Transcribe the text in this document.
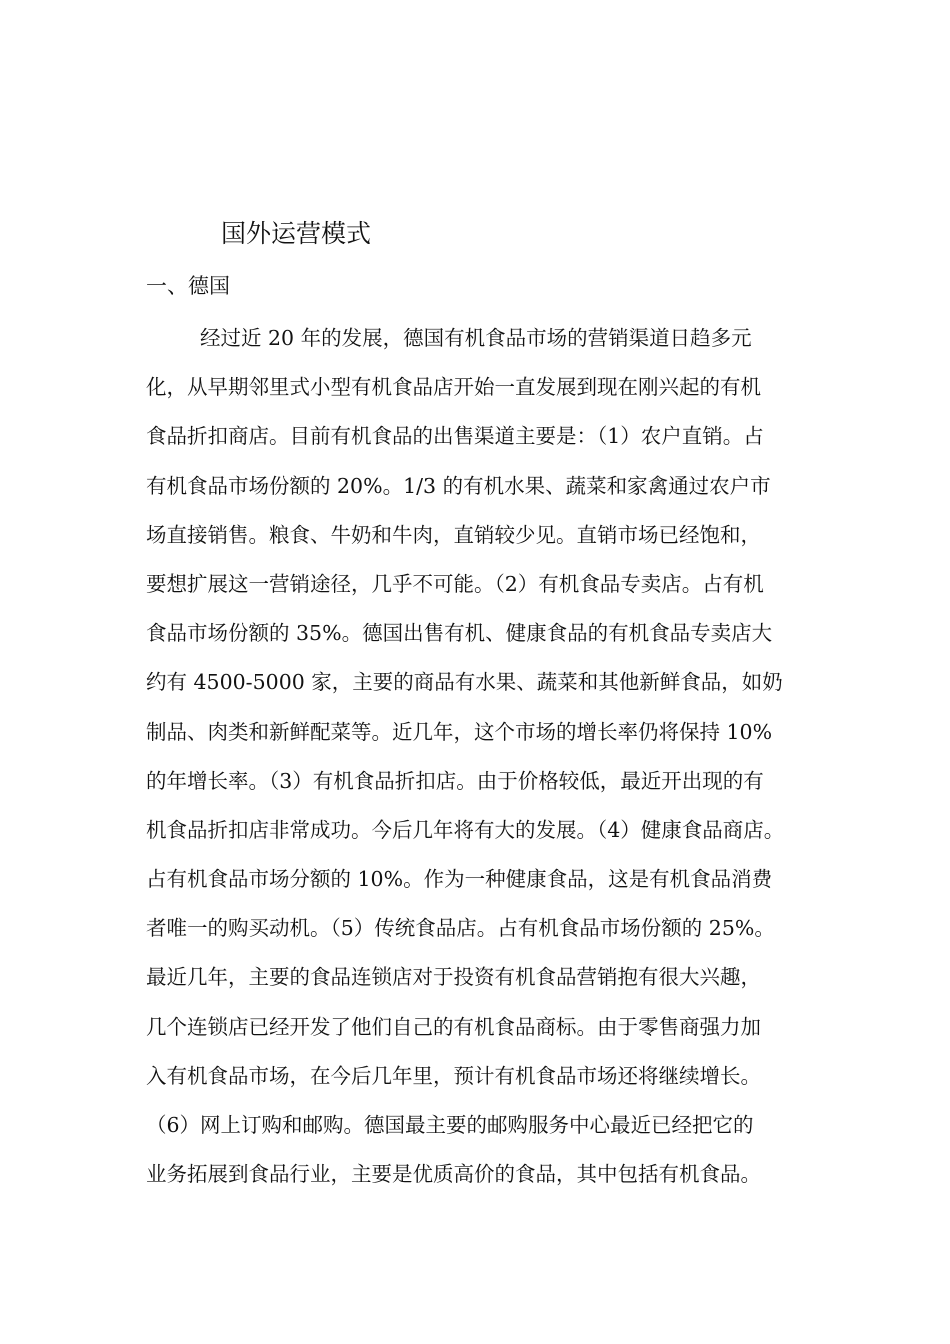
国外运营模式
一、德国
经过近 20 年的发展，德国有机食品市场的营销渠道日趋多元
化，从早期邻里式小型有机食品店开始一直发展到现在刚兴起的有机
食品折扣商店。目前有机食品的出售渠道主要是：（1）农户直销。占
有机食品市场份额的 20%。1/3 的有机水果、蔬菜和家禽通过农户市
场直接销售。粮食、牛奶和牛肉，直销较少见。直销市场已经饱和，
要想扩展这一营销途径，几乎不可能。（2）有机食品专卖店。占有机
食品市场份额的 35%。德国出售有机、健康食品的有机食品专卖店大
约有 4500-5000 家，主要的商品有水果、蔬菜和其他新鲜食品，如奶
制品、肉类和新鲜配菜等。近几年，这个市场的增长率仍将保持 10%
的年增长率。（3）有机食品折扣店。由于价格较低，最近开出现的有
机食品折扣店非常成功。今后几年将有大的发展。（4）健康食品商店。
占有机食品市场分额的 10%。作为一种健康食品，这是有机食品消费
者唯一的购买动机。（5）传统食品店。占有机食品市场份额的 25%。
最近几年，主要的食品连锁店对于投资有机食品营销抱有很大兴趣，
几个连锁店已经开发了他们自己的有机食品商标。由于零售商强力加
入有机食品市场，在今后几年里，预计有机食品市场还将继续增长。
（6）网上订购和邮购。德国最主要的邮购服务中心最近已经把它的
业务拓展到食品行业，主要是优质高价的食品，其中包括有机食品。
